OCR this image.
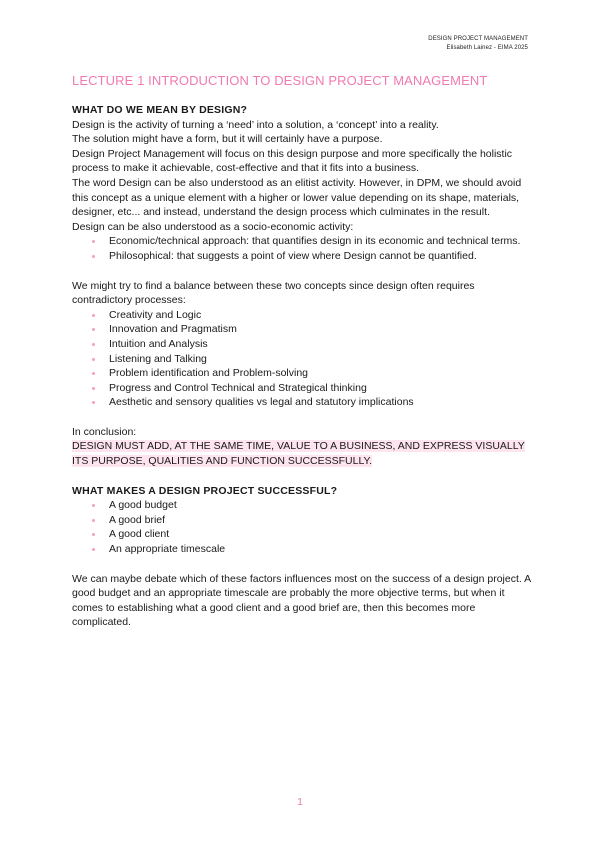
DESIGN PROJECT MANAGEMENT
Elisabeth Lainez - EIMA 2025
LECTURE 1 INTRODUCTION TO DESIGN PROJECT MANAGEMENT
WHAT DO WE MEAN BY DESIGN?

Design is the activity of turning a ‘need’ into a solution, a ‘concept’ into a reality.

The solution might have a form, but it will certainly have a purpose.

Design Project Management will focus on this design purpose and more specifically the holistic process to make it achievable, cost-effective and that it fits into a business.

The word Design can be also understood as an elitist activity. However, in DPM, we should avoid this concept as a unique element with a higher or lower value depending on its shape, materials, designer, etc... and instead, understand the design process which culminates in the result.

Design can be also understood as a socio-economic activity:

Economic/technical approach: that quantifies design in its economic and technical terms.
Philosophical: that suggests a point of view where Design cannot be quantified.

We might try to find a balance between these two concepts since design often requires contradictory processes:

Creativity and Logic
Innovation and Pragmatism
Intuition and Analysis
Listening and Talking
Problem identification and Problem-solving
Progress and Control Technical and Strategical thinking
Aesthetic and sensory qualities vs legal and statutory implications

In conclusion:

DESIGN MUST ADD, AT THE SAME TIME, VALUE TO A BUSINESS, AND EXPRESS VISUALLY ITS PURPOSE, QUALITIES AND FUNCTION SUCCESSFULLY.

WHAT MAKES A DESIGN PROJECT SUCCESSFUL?
A good budget
A good brief
A good client
An appropriate timescale

We can maybe debate which of these factors influences most on the success of a design project. A good budget and an appropriate timescale are probably the more objective terms, but when it comes to establishing what a good client and a good brief are, then this becomes more complicated.

1
